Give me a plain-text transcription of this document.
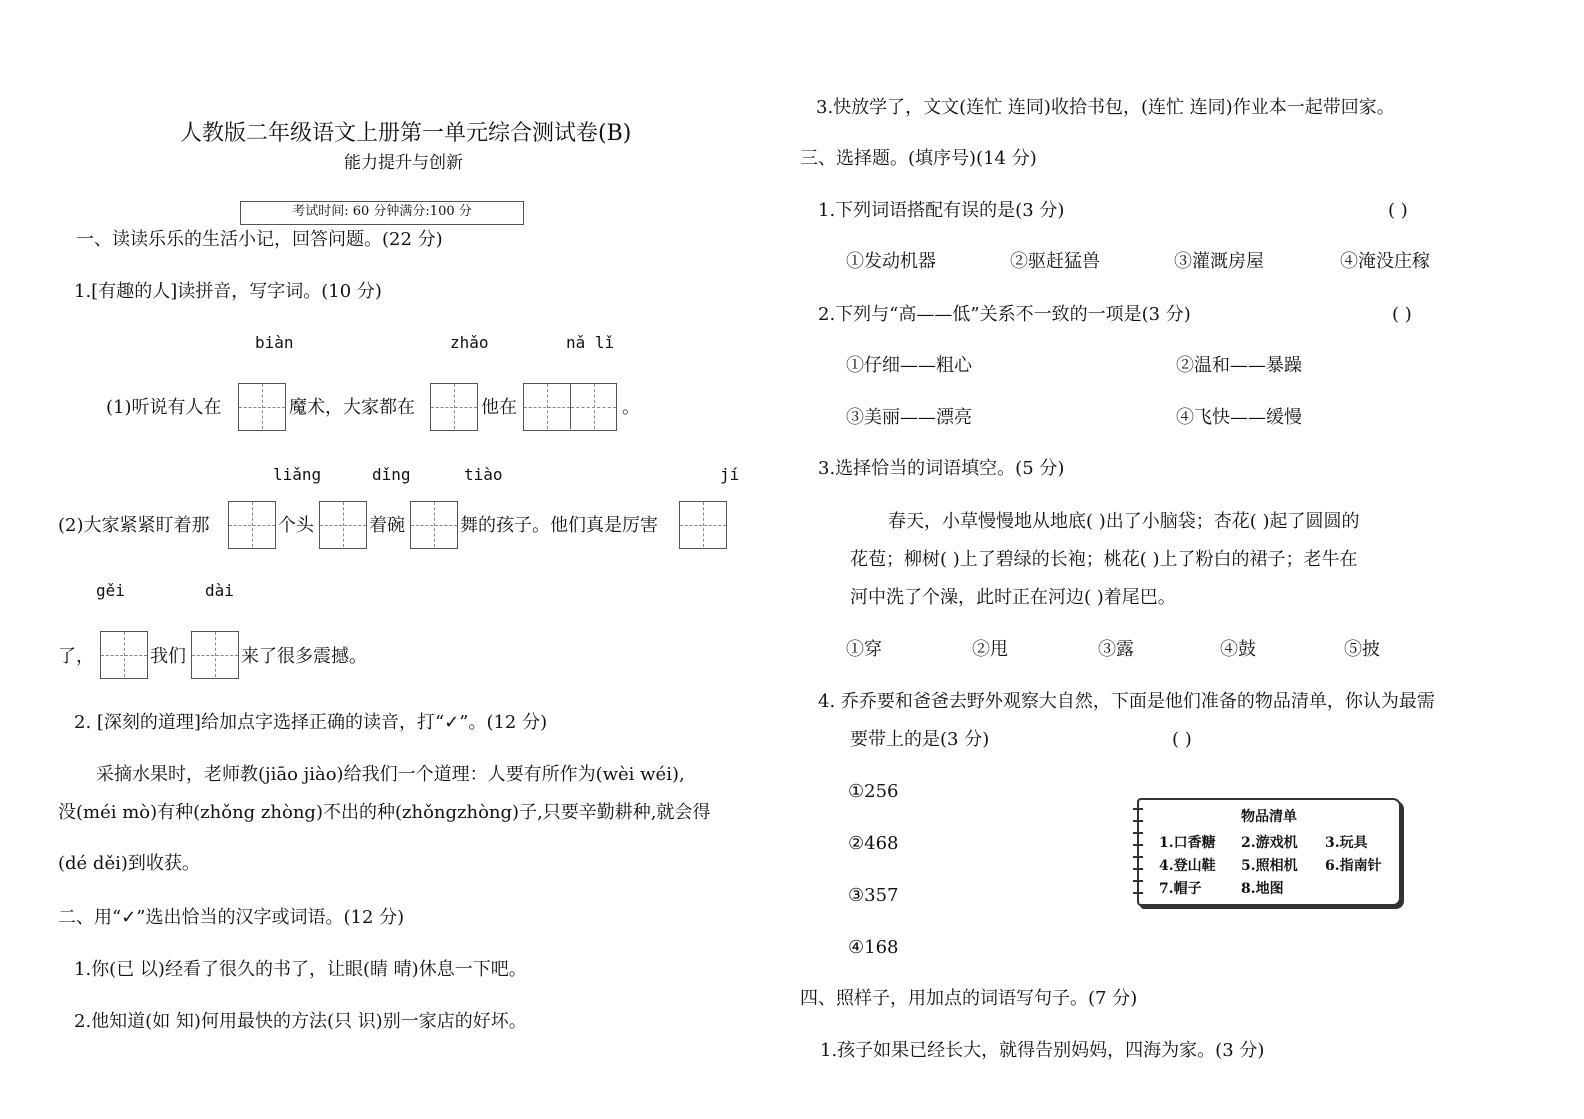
人教版二年级语文上册第一单元综合测试卷(B)
能力提升与创新
考试时间: 60 分钟满分:100 分
一、读读乐乐的生活小记，回答问题。(22 分)
1.[有趣的人]读拼音，写字词。(10 分)
biàn	zhǎo	nǎ lǐ
(1)听说有人在	魔术，大家都在	他在	。
liǎng	dǐng	tiào	jí
(2)大家紧紧盯着那	个头	着碗	舞的孩子。他们真是厉害
gěi	dài
了，	我们	来了很多震撼。
2. [深刻的道理]给加点字选择正确的读音，打“✓”。(12 分)
采摘水果时，老师教(jiāo jiào)给我们一个道理：人要有所作为(wèi wéi),
没(méi mò)有种(zhǒng zhòng)不出的种(zhǒngzhòng)子,只要辛勤耕种,就会得
(dé děi)到收获。
二、用“✓”选出恰当的汉字或词语。(12 分)
1.你(已 以)经看了很久的书了，让眼(睛 晴)休息一下吧。
2.他知道(如 知)何用最快的方法(只 识)别一家店的好坏。
3.快放学了，文文(连忙 连同)收拾书包，(连忙 连同)作业本一起带回家。
三、选择题。(填序号)(14 分)
1.下列词语搭配有误的是(3 分)	( )
①发动机器	②驱赶猛兽	③灌溉房屋	④淹没庄稼
2.下列与“高——低”关系不一致的一项是(3 分)	( )
①仔细——粗心	②温和——暴躁
③美丽——漂亮	④飞快——缓慢
3.选择恰当的词语填空。(5 分)
春天，小草慢慢地从地底( )出了小脑袋；杏花( )起了圆圆的
花苞；柳树( )上了碧绿的长袍；桃花( )上了粉白的裙子；老牛在
河中洗了个澡，此时正在河边( )着尾巴。
①穿	②甩	③露	④鼓	⑤披
4. 乔乔要和爸爸去野外观察大自然，下面是他们准备的物品清单，你认为最需
要带上的是(3 分)	( )
①256
②468
③357
④168
物品清单
1.口香糖 2.游戏机 3.玩具
4.登山鞋 5.照相机 6.指南针
7.帽子	8.地图
四、照样子，用加点的词语写句子。(7 分)
1.孩子如果已经长大，就得告别妈妈，四海为家。(3 分)
